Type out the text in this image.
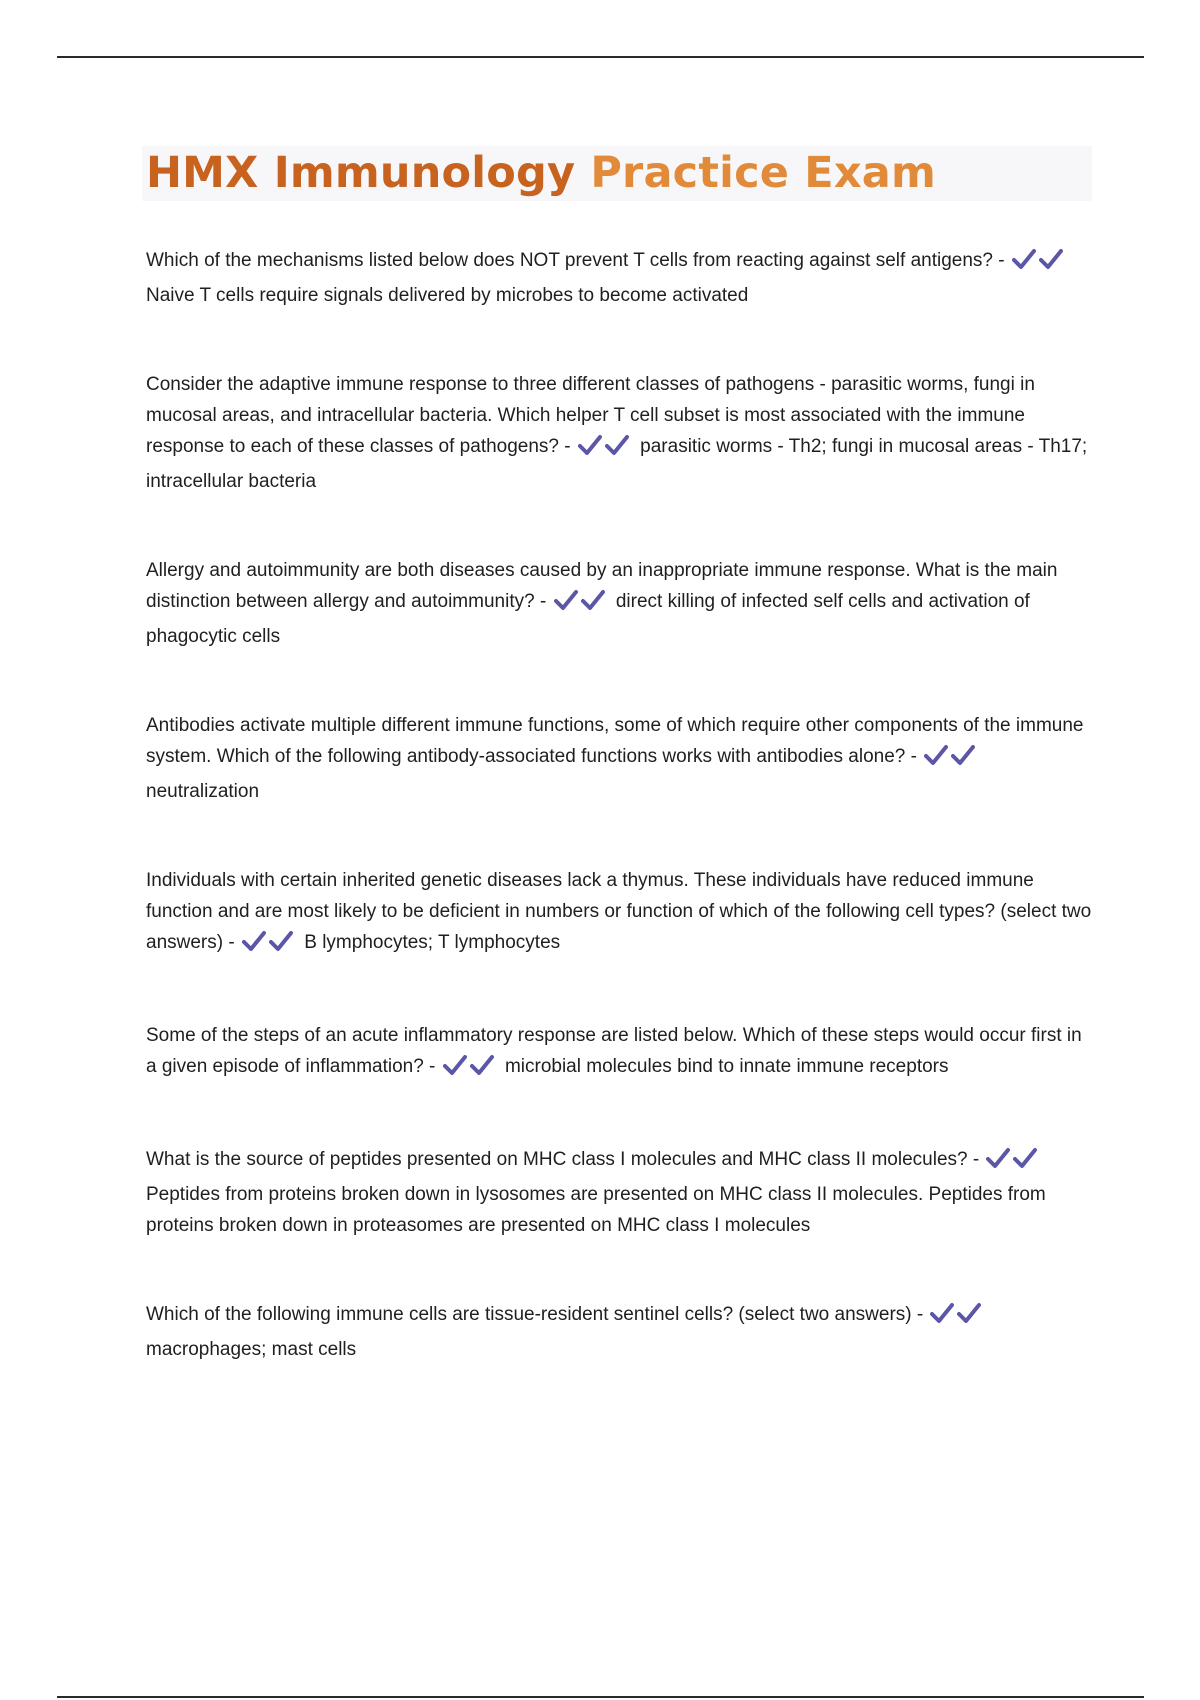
HMX Immunology Practice Exam

Which of the mechanisms listed below does NOT prevent T cells from reacting against self antigens? -
Naive T cells require signals delivered by microbes to become activated

Consider the adaptive immune response to three different classes of pathogens - parasitic worms, fungi in mucosal areas, and intracellular bacteria. Which helper T cell subset is most associated with the immune response to each of these classes of pathogens? -	parasitic worms - Th2; fungi in mucosal areas - Th17; intracellular bacteria

Allergy and autoimmunity are both diseases caused by an inappropriate immune response. What is the main distinction between allergy and autoimmunity? -	direct killing of infected self cells and activation of phagocytic cells

Antibodies activate multiple different immune functions, some of which require other components of the immune system. Which of the following antibody-associated functions works with antibodies alone? -
neutralization

Individuals with certain inherited genetic diseases lack a thymus. These individuals have reduced immune function and are most likely to be deficient in numbers or function of which of the following cell types? (select two answers) -	B lymphocytes; T lymphocytes

Some of the steps of an acute inflammatory response are listed below. Which of these steps would occur first in a given episode of inflammation? -	microbial molecules bind to innate immune receptors

What is the source of peptides presented on MHC class I molecules and MHC class II molecules? -
Peptides from proteins broken down in lysosomes are presented on MHC class II molecules. Peptides from proteins broken down in proteasomes are presented on MHC class I molecules

Which of the following immune cells are tissue-resident sentinel cells? (select two answers) -
macrophages; mast cells
